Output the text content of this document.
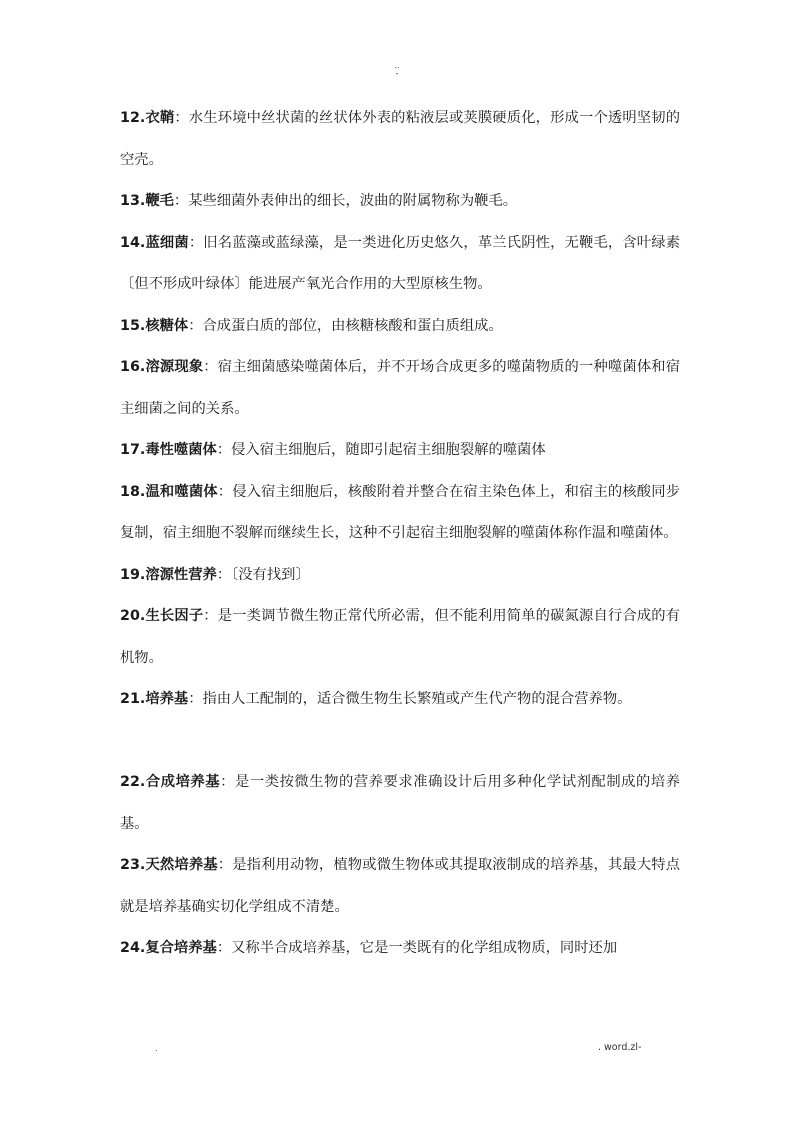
..
-

12.衣鞘：水生环境中丝状菌的丝状体外表的粘液层或荚膜硬质化，形成一个透明坚韧的空壳。

13.鞭毛：某些细菌外表伸出的细长，波曲的附属物称为鞭毛。

14.蓝细菌：旧名蓝藻或蓝绿藻，是一类进化历史悠久，革兰氏阴性，无鞭毛，含叶绿素〔但不形成叶绿体〕能进展产氧光合作用的大型原核生物。

15.核糖体：合成蛋白质的部位，由核糖核酸和蛋白质组成。

16.溶源现象：宿主细菌感染噬菌体后，并不开场合成更多的噬菌物质的一种噬菌体和宿主细菌之间的关系。

17.毒性噬菌体：侵入宿主细胞后，随即引起宿主细胞裂解的噬菌体

18.温和噬菌体：侵入宿主细胞后，核酸附着并整合在宿主染色体上，和宿主的核酸同步复制，宿主细胞不裂解而继续生长，这种不引起宿主细胞裂解的噬菌体称作温和噬菌体。

19.溶源性营养：〔没有找到〕

20.生长因子：是一类调节微生物正常代所必需，但不能利用简单的碳氮源自行合成的有机物。

21.培养基：指由人工配制的，适合微生物生长繁殖或产生代产物的混合营养物。

22.合成培养基：是一类按微生物的营养要求准确设计后用多种化学试剂配制成的培养基。

23.天然培养基：是指利用动物，植物或微生物体或其提取液制成的培养基，其最大特点就是培养基确实切化学组成不清楚。

24.复合培养基：又称半合成培养基，它是一类既有的化学组成物质，同时还加

.	. word.zl-
